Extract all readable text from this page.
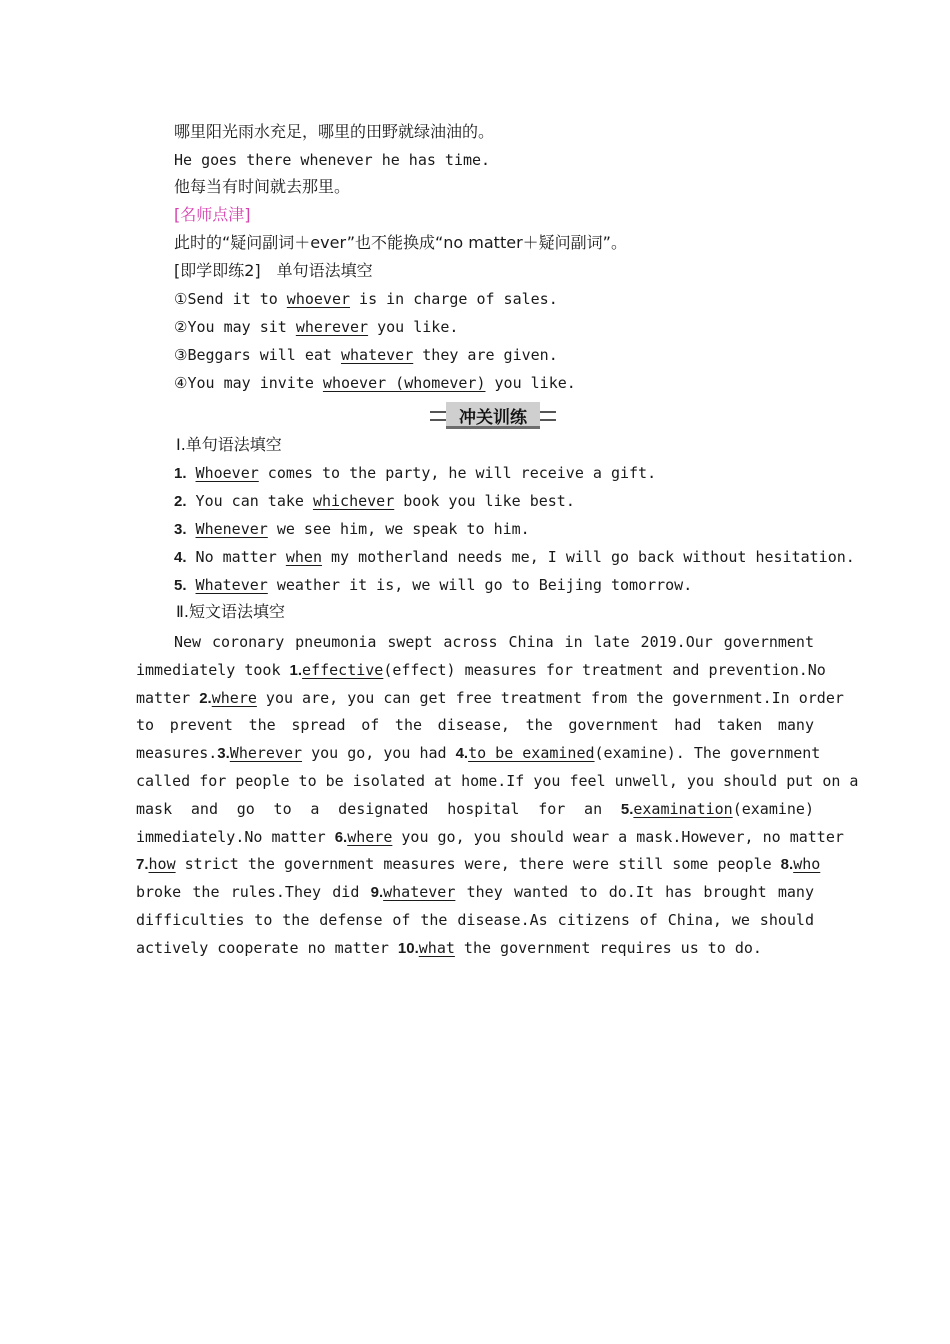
哪里阳光雨水充足，哪里的田野就绿油油的。
He goes there whenever he has time.
他每当有时间就去那里。
[名师点津]
此时的“疑问副词＋ever”也不能换成“no matter＋疑问副词”。
[即学即练2]　单句语法填空
①Send it to whoever is in charge of sales.
②You may sit wherever you like.
③Beggars will eat whatever they are given.
④You may invite whoever (whomever) you like.
冲关训练
Ⅰ.单句语法填空
1. Whoever comes to the party, he will receive a gift.
2. You can take whichever book you like best.
3. Whenever we see him, we speak to him.
4. No matter when my motherland needs me, I will go back without hesitation.
5. Whatever weather it is, we will go to Beijing tomorrow.
Ⅱ.短文语法填空
New coronary pneumonia swept across China in late 2019.Our government
immediately took 1.effective(effect) measures for treatment and prevention.No
matter 2.where you are, you can get free treatment from the government.In order
to prevent the spread of the disease, the government had taken many
measures.3.Wherever you go, you had 4.to be examined(examine). The government
called for people to be isolated at home.If you feel unwell, you should put on a
mask and go to a designated hospital for an 5.examination(examine)
immediately.No matter 6.where you go, you should wear a mask.However, no matter
7.how strict the government measures were, there were still some people 8.who
broke the rules.They did 9.whatever they wanted to do.It has brought many
difficulties to the defense of the disease.As citizens of China, we should
actively cooperate no matter 10.what the government requires us to do.
